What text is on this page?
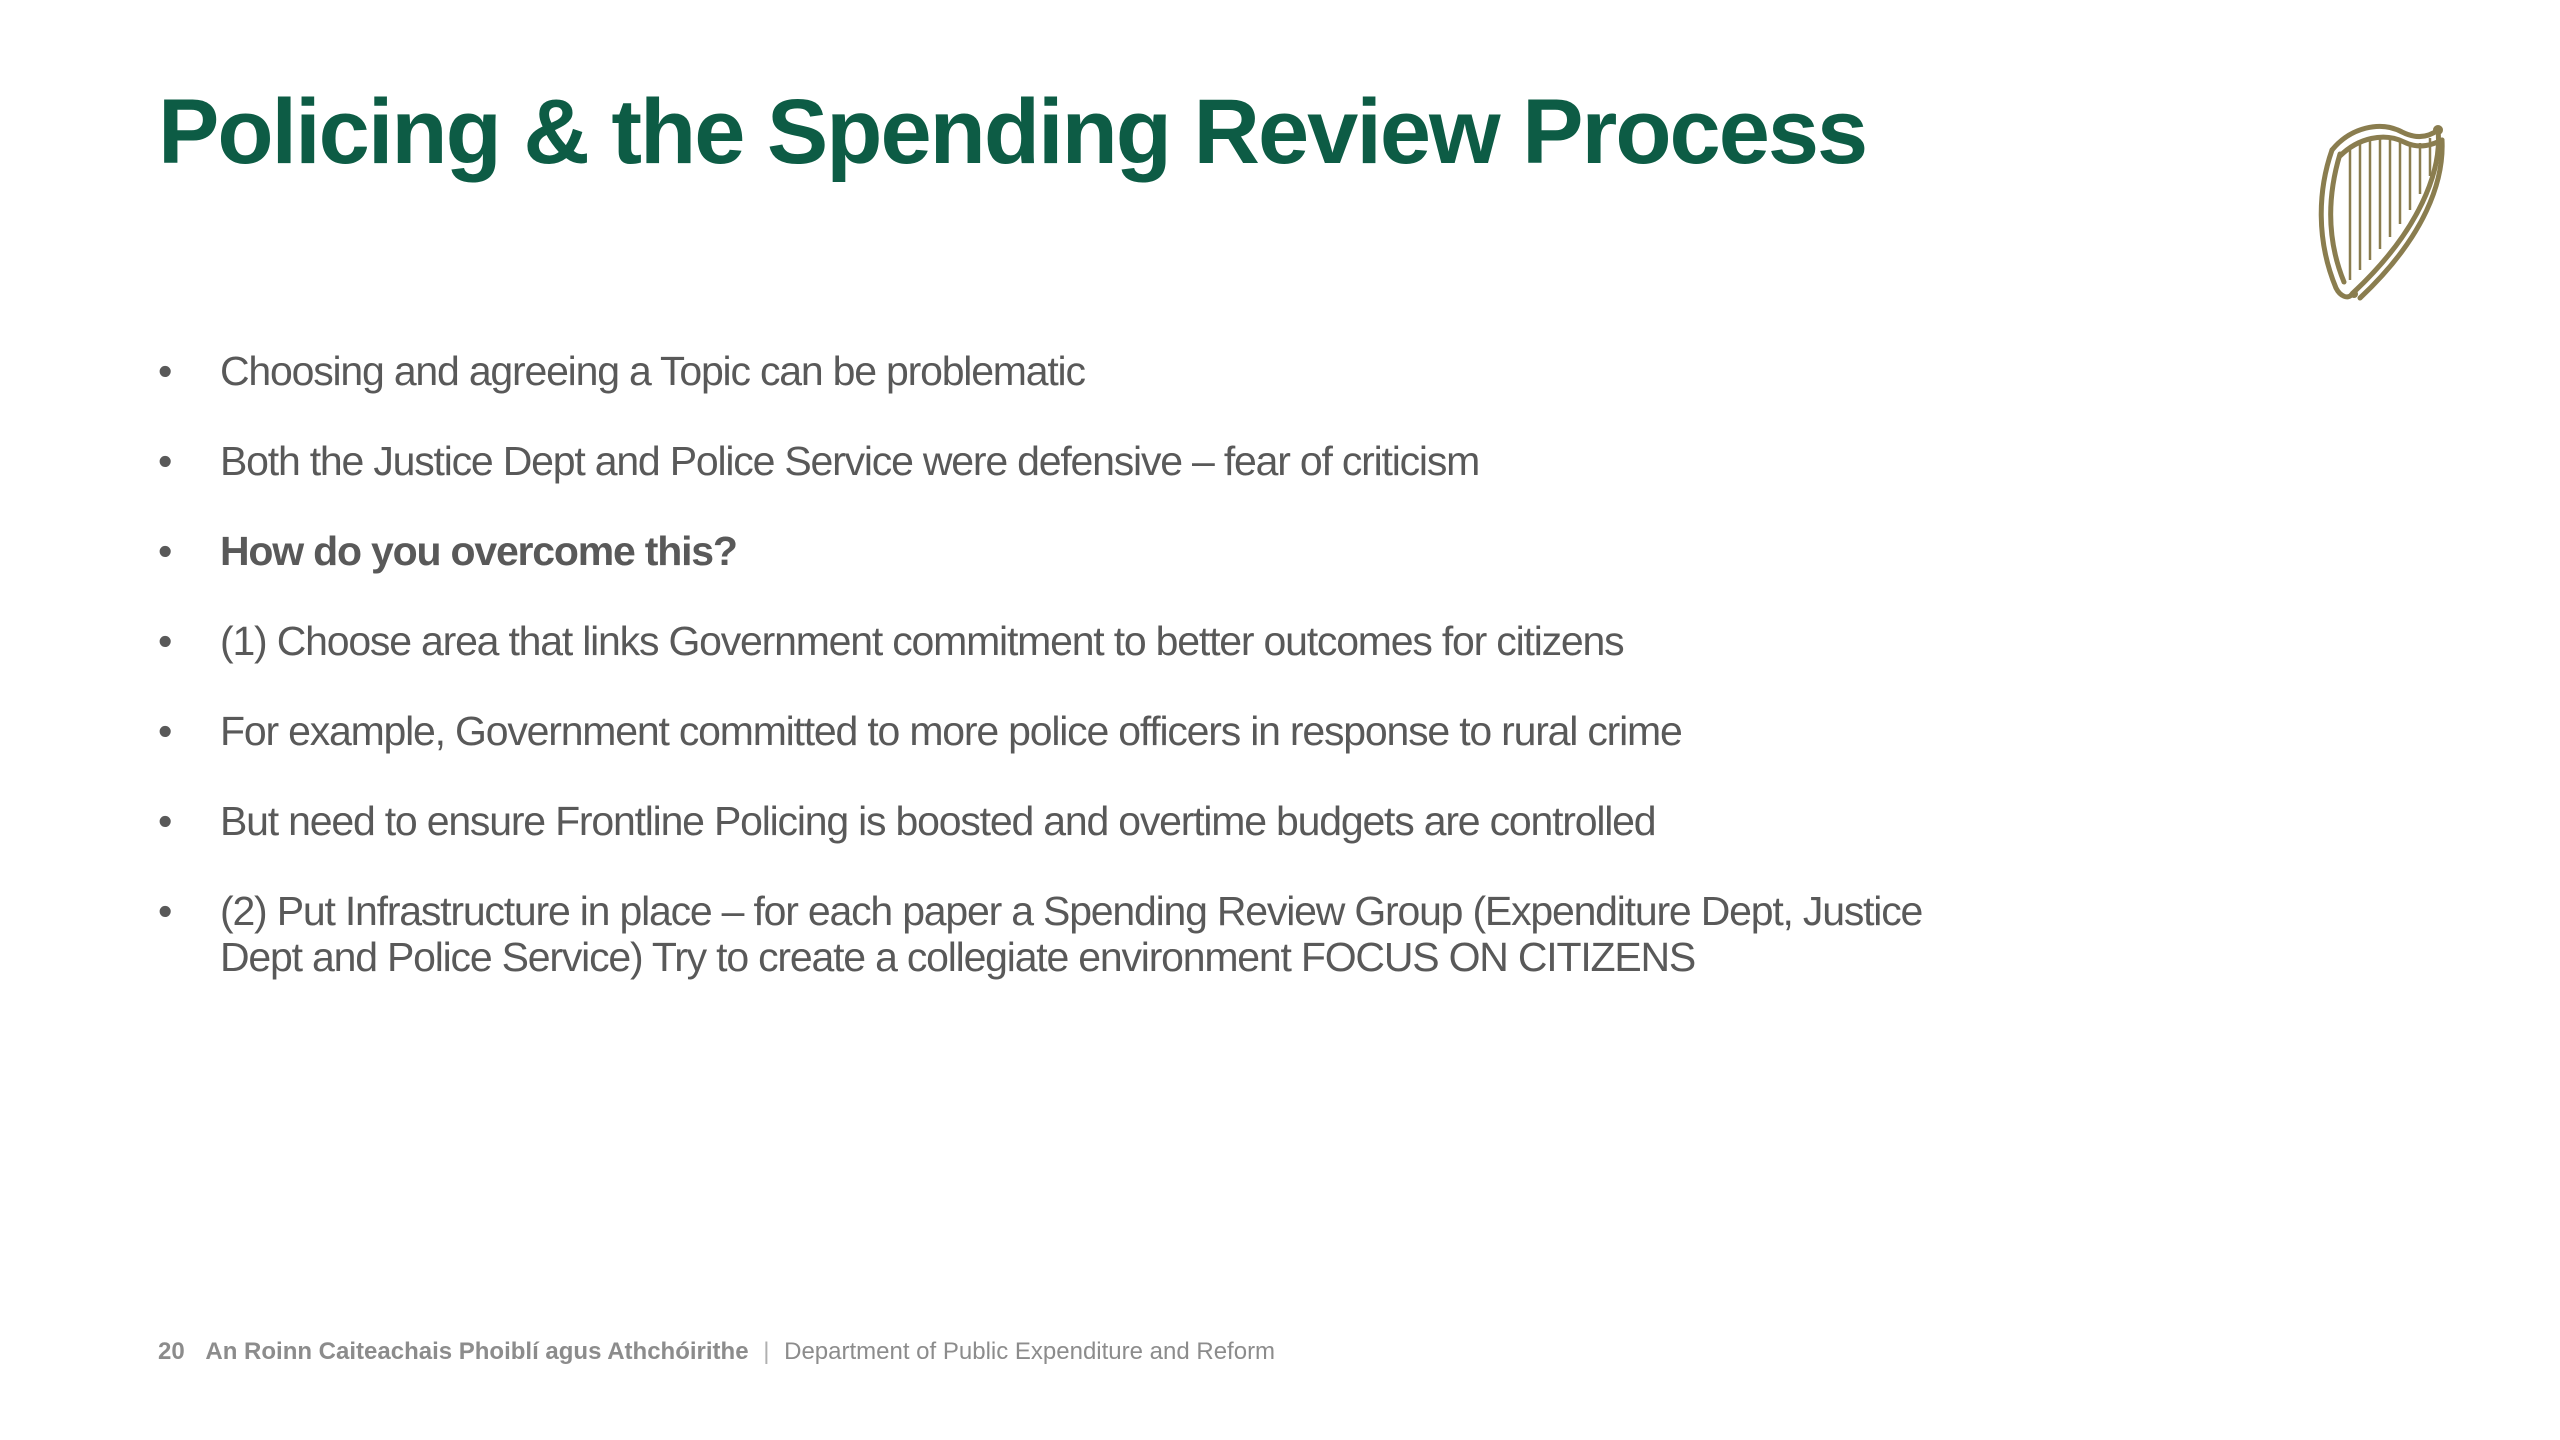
Policing & the Spending Review Process
• Choosing and agreeing a Topic can be problematic
• Both the Justice Dept and Police Service were defensive – fear of criticism
• How do you overcome this?
• (1) Choose area that links Government commitment to better outcomes for citizens
• For example, Government committed to more police officers in response to rural crime
• But need to ensure Frontline Policing is boosted and overtime budgets are controlled
• (2) Put Infrastructure in place – for each paper a Spending Review Group (Expenditure Dept, Justice Dept and Police Service) Try to create a collegiate environment FOCUS ON CITIZENS
20 An Roinn Caiteachais Phoiblí agus Athchóirithe | Department of Public Expenditure and Reform
